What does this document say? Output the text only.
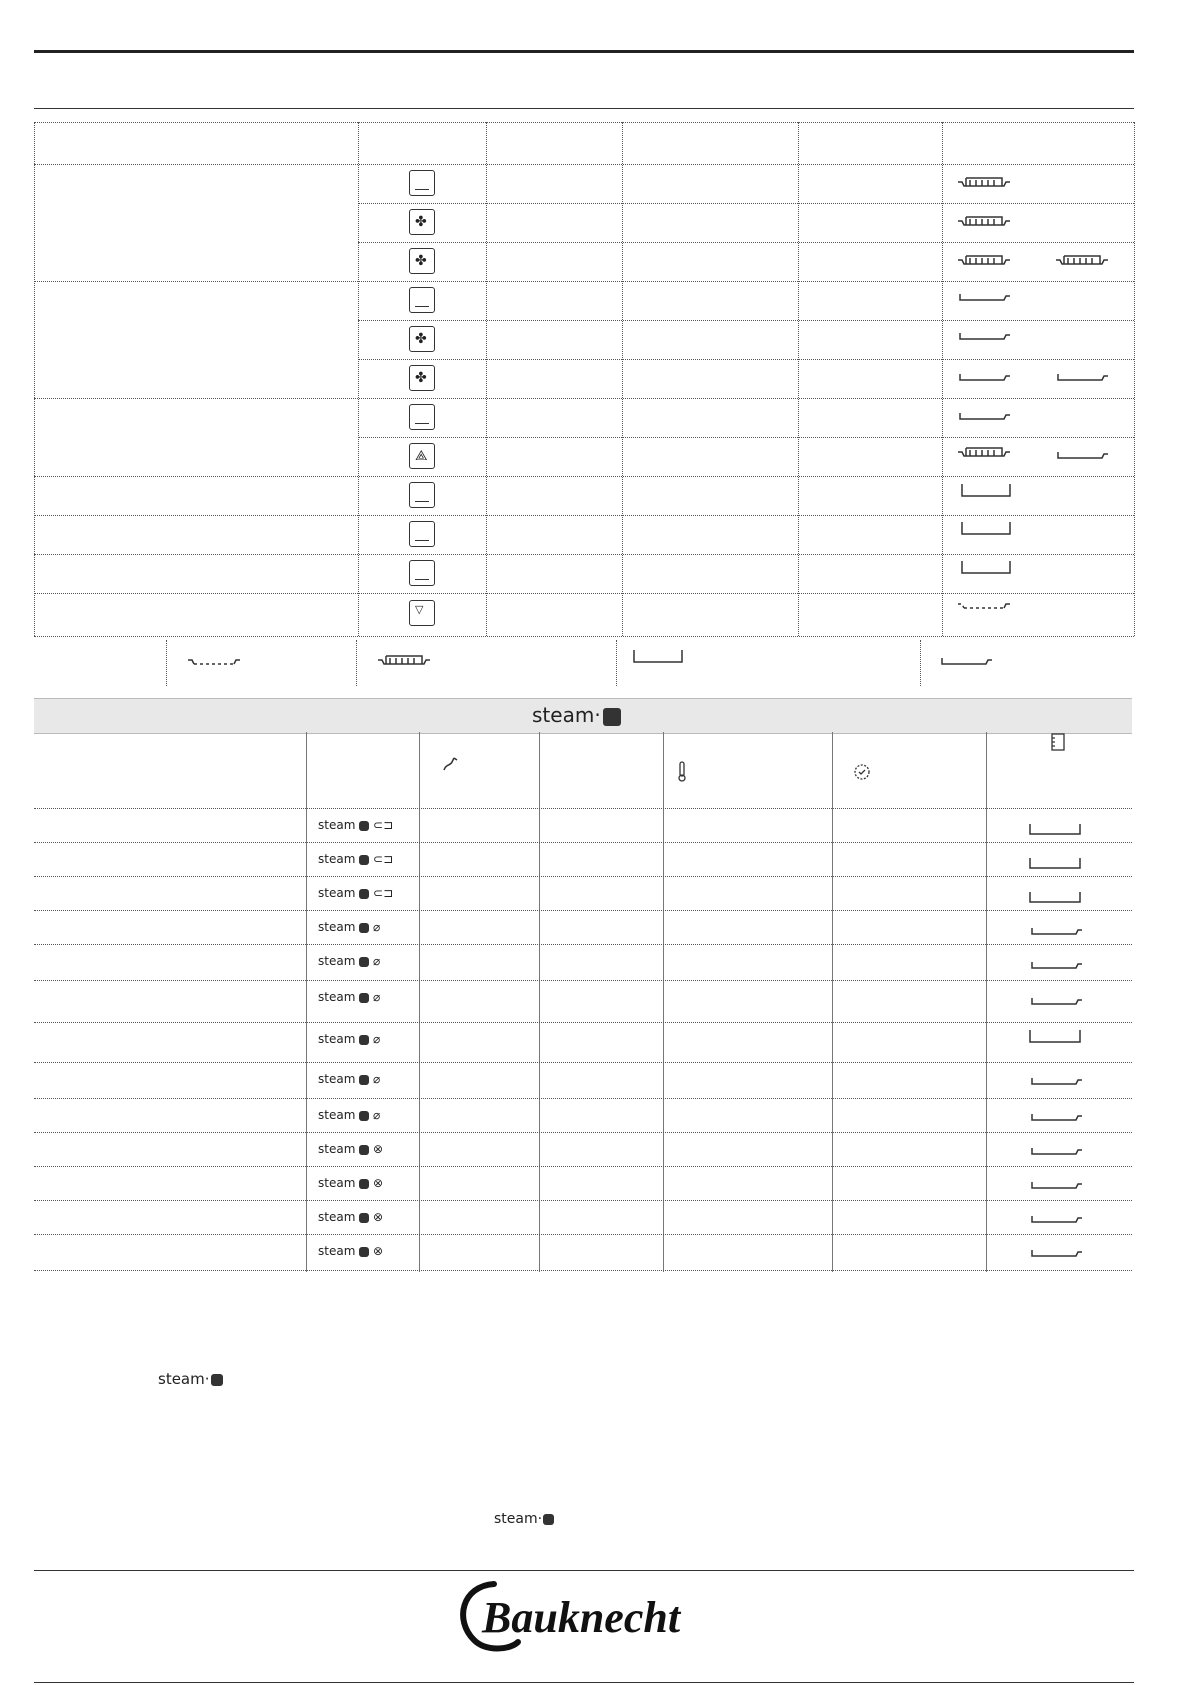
✤
✤
✤
✤
⟁
▽
steam·
steam ⊂⊐
steam ⊂⊐
steam ⊂⊐
steam ⌀
steam ⌀
steam ⌀
steam ⌀
steam ⌀
steam ⌀
steam ⊗
steam ⊗
steam ⊗
steam ⊗
steam·
steam·
Bauknecht
